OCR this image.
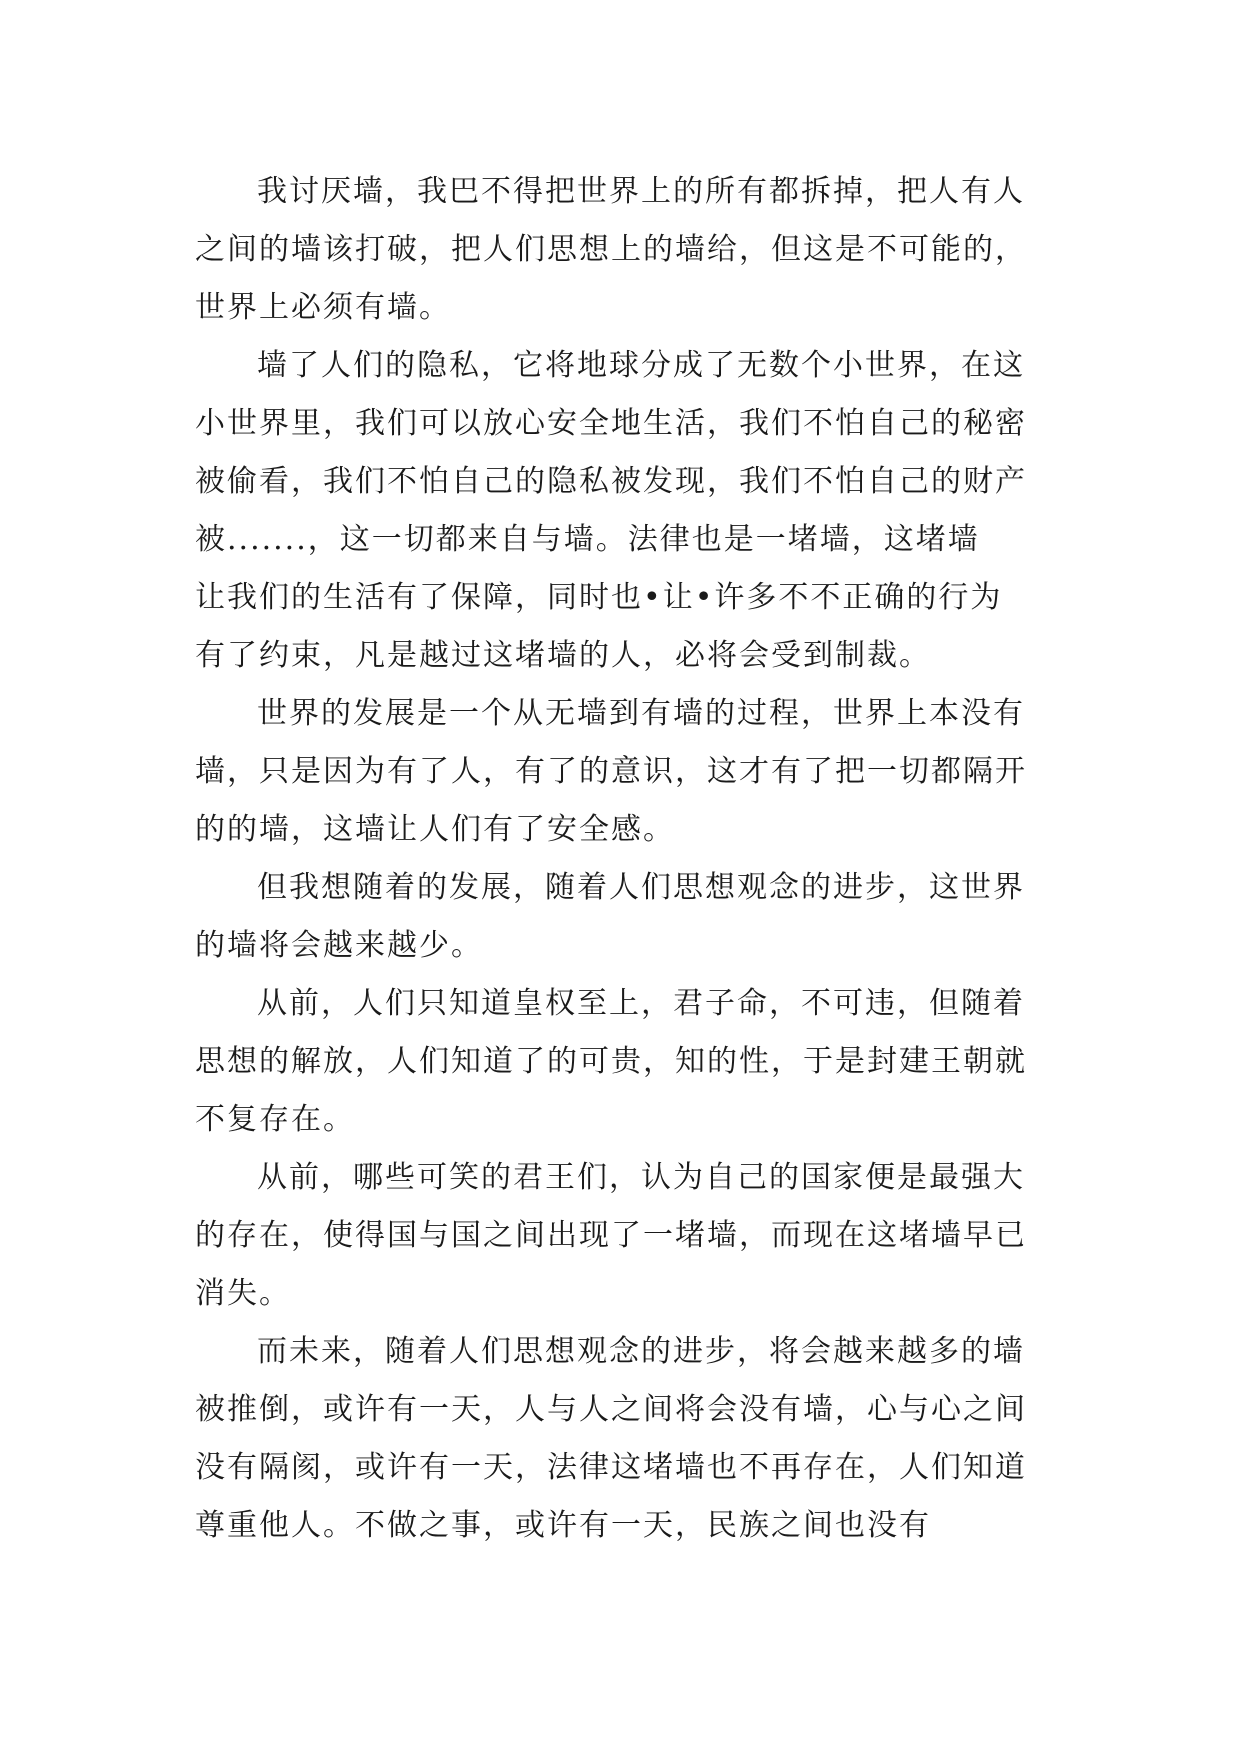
我讨厌墙，我巴不得把世界上的所有都拆掉，把人有人
之间的墙该打破，把人们思想上的墙给，但这是不可能的，
世界上必须有墙。
墙了人们的隐私，它将地球分成了无数个小世界，在这
小世界里，我们可以放心安全地生活，我们不怕自己的秘密
被偷看，我们不怕自己的隐私被发现，我们不怕自己的财产
被.......，这一切都来自与墙。法律也是一堵墙，这堵墙
让我们的生活有了保障，同时也•让•许多不不正确的行为
有了约束，凡是越过这堵墙的人，必将会受到制裁。
世界的发展是一个从无墙到有墙的过程，世界上本没有
墙，只是因为有了人，有了的意识，这才有了把一切都隔开
的的墙，这墙让人们有了安全感。
但我想随着的发展，随着人们思想观念的进步，这世界
的墙将会越来越少。
从前，人们只知道皇权至上，君子命，不可违，但随着
思想的解放，人们知道了的可贵，知的性，于是封建王朝就
不复存在。
从前，哪些可笑的君王们，认为自己的国家便是最强大
的存在，使得国与国之间出现了一堵墙，而现在这堵墙早已
消失。
而未来，随着人们思想观念的进步，将会越来越多的墙
被推倒，或许有一天，人与人之间将会没有墙，心与心之间
没有隔阂，或许有一天，法律这堵墙也不再存在，人们知道
尊重他人。不做之事，或许有一天，民族之间也没有
